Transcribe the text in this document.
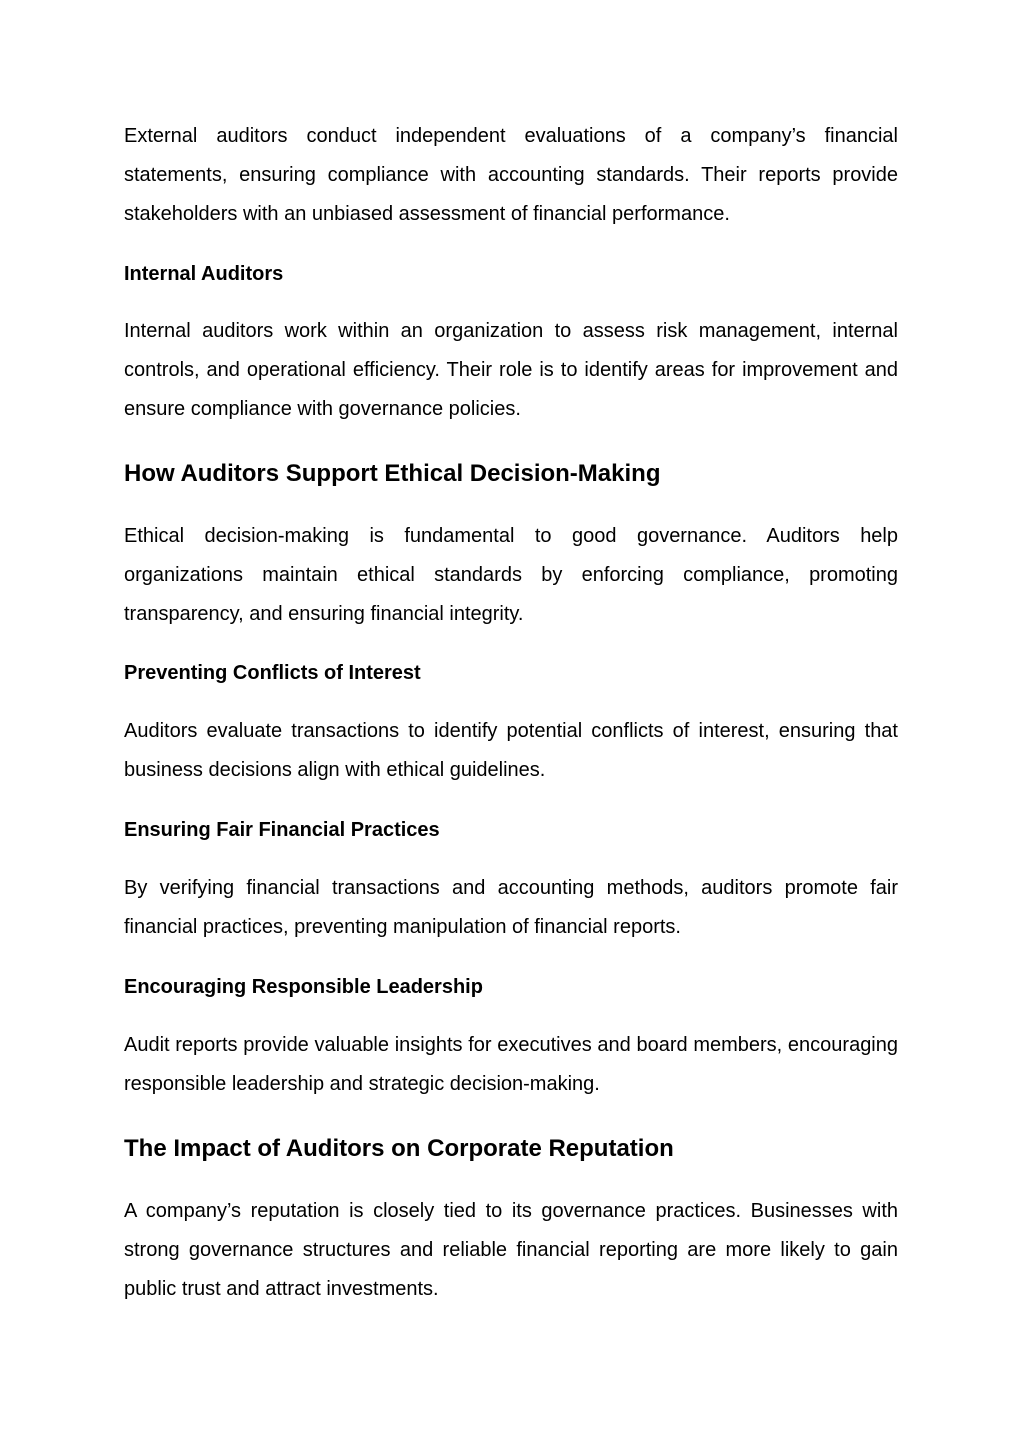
External auditors conduct independent evaluations of a company’s financial statements, ensuring compliance with accounting standards. Their reports provide stakeholders with an unbiased assessment of financial performance.

Internal Auditors

Internal auditors work within an organization to assess risk management, internal controls, and operational efficiency. Their role is to identify areas for improvement and ensure compliance with governance policies.

How Auditors Support Ethical Decision-Making

Ethical decision-making is fundamental to good governance. Auditors help organizations maintain ethical standards by enforcing compliance, promoting transparency, and ensuring financial integrity.

Preventing Conflicts of Interest

Auditors evaluate transactions to identify potential conflicts of interest, ensuring that business decisions align with ethical guidelines.

Ensuring Fair Financial Practices

By verifying financial transactions and accounting methods, auditors promote fair financial practices, preventing manipulation of financial reports.

Encouraging Responsible Leadership

Audit reports provide valuable insights for executives and board members, encouraging responsible leadership and strategic decision-making.

The Impact of Auditors on Corporate Reputation

A company’s reputation is closely tied to its governance practices. Businesses with strong governance structures and reliable financial reporting are more likely to gain public trust and attract investments.
